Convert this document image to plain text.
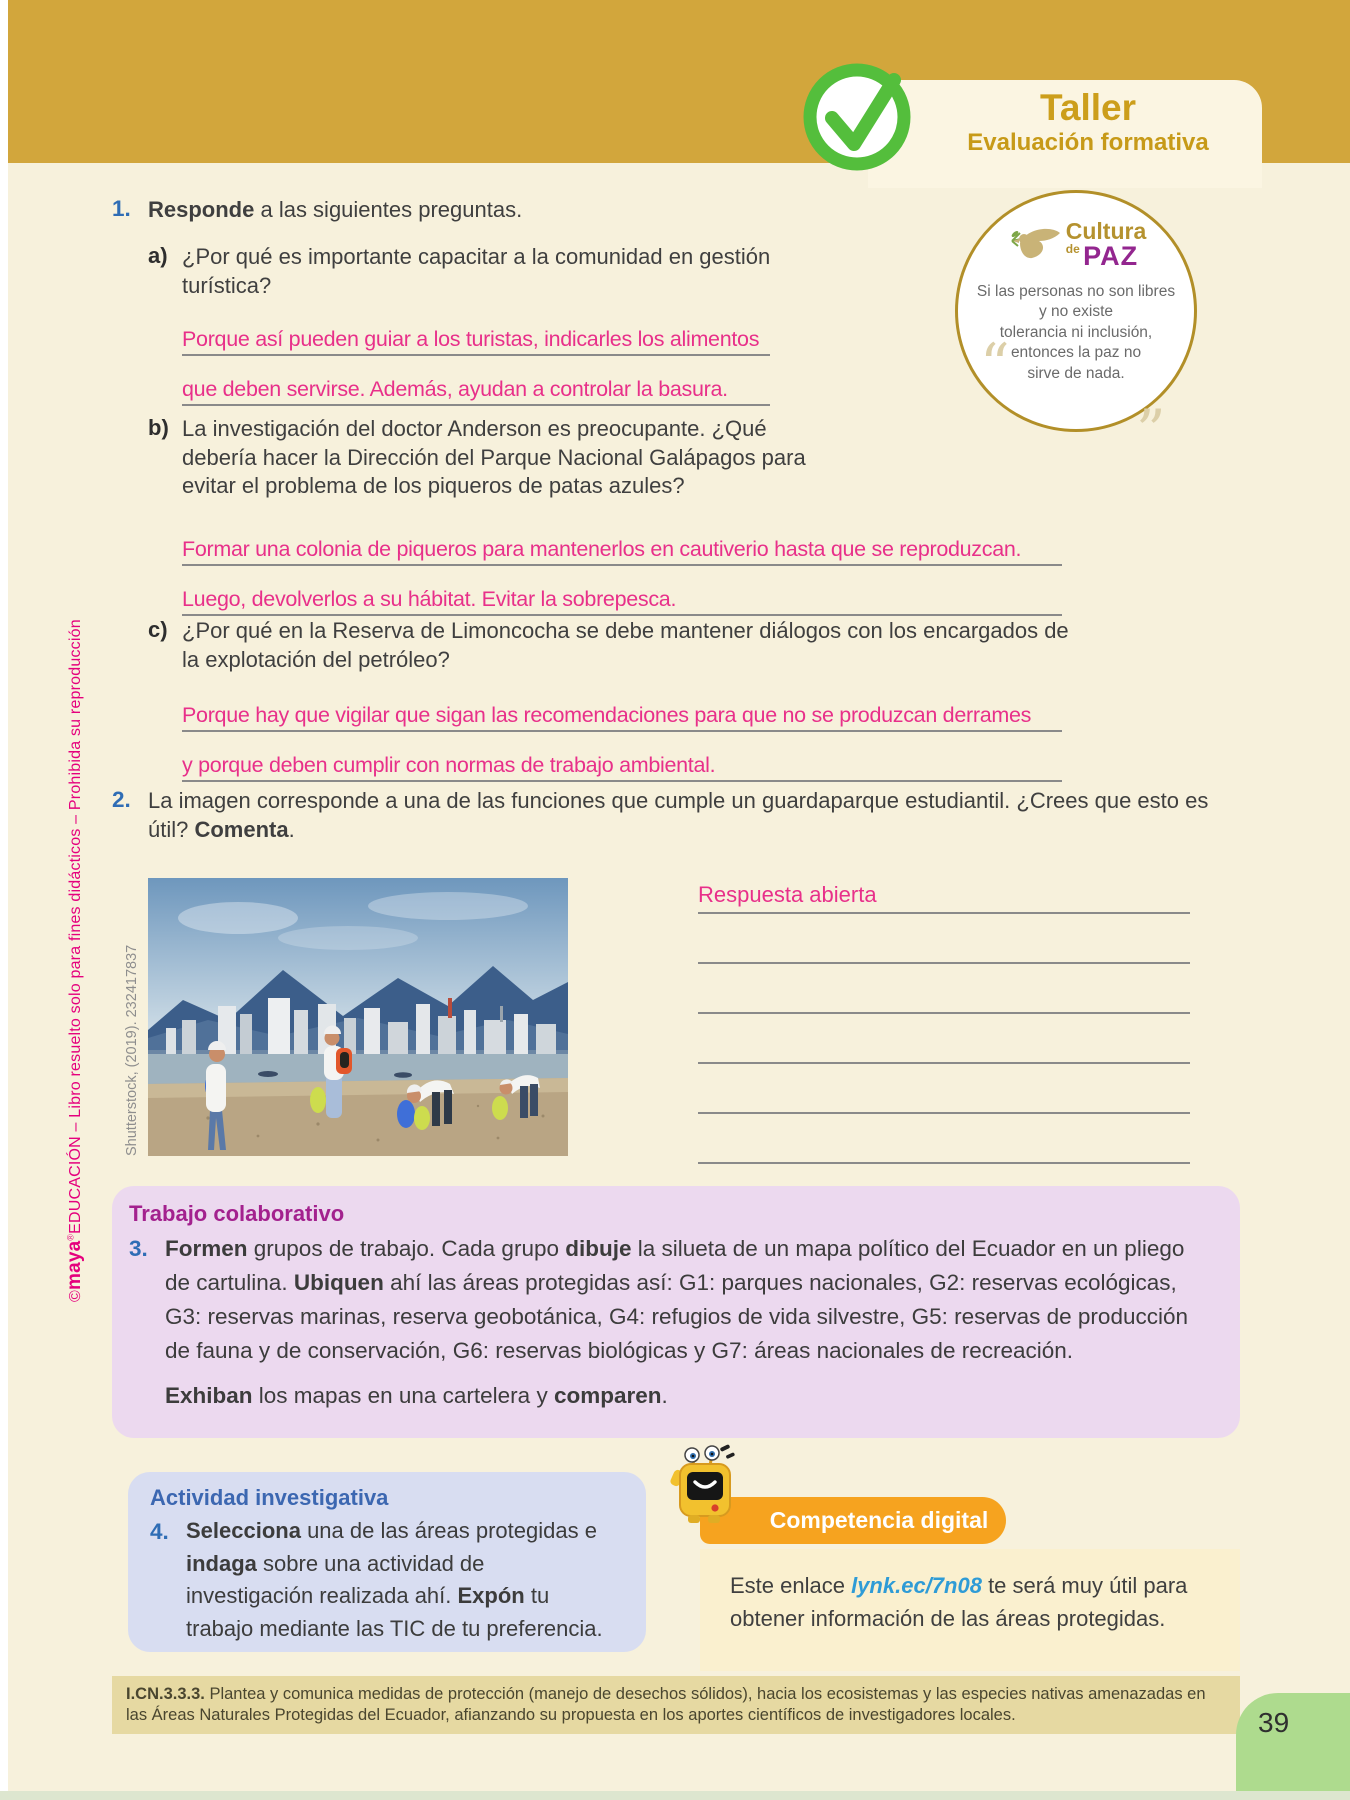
Taller
Evaluación formativa
Cultura
$^{de}$ PAZ
Si las personas no son libres
y no existe
tolerancia ni inclusión,
entonces la paz no
sirve de nada.
“
”
1. Responde a las siguientes preguntas.
a) ¿Por qué es importante capacitar a la comunidad en gestión turística?
Porque así pueden guiar a los turistas, indicarles los alimentos
que deben servirse. Además, ayudan a controlar la basura.
b) La investigación del doctor Anderson es preocupante. ¿Qué debería hacer la Dirección del Parque Nacional Galápagos para evitar el problema de los piqueros de patas azules?
Formar una colonia de piqueros para mantenerlos en cautiverio hasta que se reproduzcan.
Luego, devolverlos a su hábitat. Evitar la sobrepesca.
c) ¿Por qué en la Reserva de Limoncocha se debe mantener diálogos con los encargados de la explotación del petróleo?
Porque hay que vigilar que sigan las recomendaciones para que no se produzcan derrames
y porque deben cumplir con normas de trabajo ambiental.
2. La imagen corresponde a una de las funciones que cumple un guardaparque estudiantil. ¿Crees que esto es útil? Comenta.
Shutterstock, (2019). 232417837
Respuesta abierta
Trabajo colaborativo
3. Formen grupos de trabajo. Cada grupo dibuje la silueta de un mapa político del Ecuador en un pliego de cartulina. Ubiquen ahí las áreas protegidas así: G1: parques nacionales, G2: reservas ecológicas, G3: reservas marinas, reserva geobotánica, G4: refugios de vida silvestre, G5: reservas de producción de fauna y de conservación, G6: reservas biológicas y G7: áreas nacionales de recreación.
Exhiban los mapas en una cartelera y comparen.
Actividad investigativa
4. Selecciona una de las áreas protegidas e indaga sobre una actividad de investigación realizada ahí. Expón tu trabajo mediante las TIC de tu preferencia.
Competencia digital
Este enlace lynk.ec/7n08 te será muy útil para obtener información de las áreas protegidas.
I.CN.3.3.3. Plantea y comunica medidas de protección (manejo de desechos sólidos), hacia los ecosistemas y las especies nativas amenazadas en las Áreas Naturales Protegidas del Ecuador, afianzando su propuesta en los aportes científicos de investigadores locales.	39
©maya®EDUCACIÓN – Libro resuelto solo para fines didácticos – Prohibida su reproducción
